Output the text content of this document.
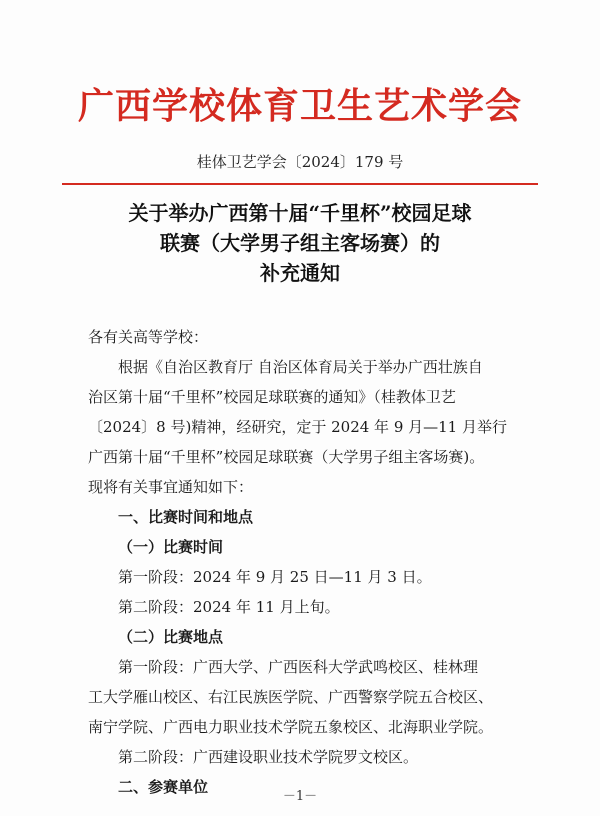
广西学校体育卫生艺术学会
桂体卫艺学会〔2024〕179 号
关于举办广西第十届“千里杯”校园足球
联赛（大学男子组主客场赛）的
补充通知

各有关高等学校：

根据《自治区教育厅 自治区体育局关于举办广西壮族自

治区第十届“千里杯”校园足球联赛的通知》（桂教体卫艺

〔2024〕8 号)精神，经研究，定于 2024 年 9 月—11 月举行

广西第十届“千里杯”校园足球联赛（大学男子组主客场赛)。

现将有关事宜通知如下：

一、比赛时间和地点

（一）比赛时间

第一阶段：2024 年 9 月 25 日—11 月 3 日。

第二阶段：2024 年 11 月上旬。

（二）比赛地点

第一阶段：广西大学、广西医科大学武鸣校区、桂林理

工大学雁山校区、右江民族医学院、广西警察学院五合校区、

南宁学院、广西电力职业技术学院五象校区、北海职业学院。

第二阶段：广西建设职业技术学院罗文校区。

二、参赛单位

－1－
